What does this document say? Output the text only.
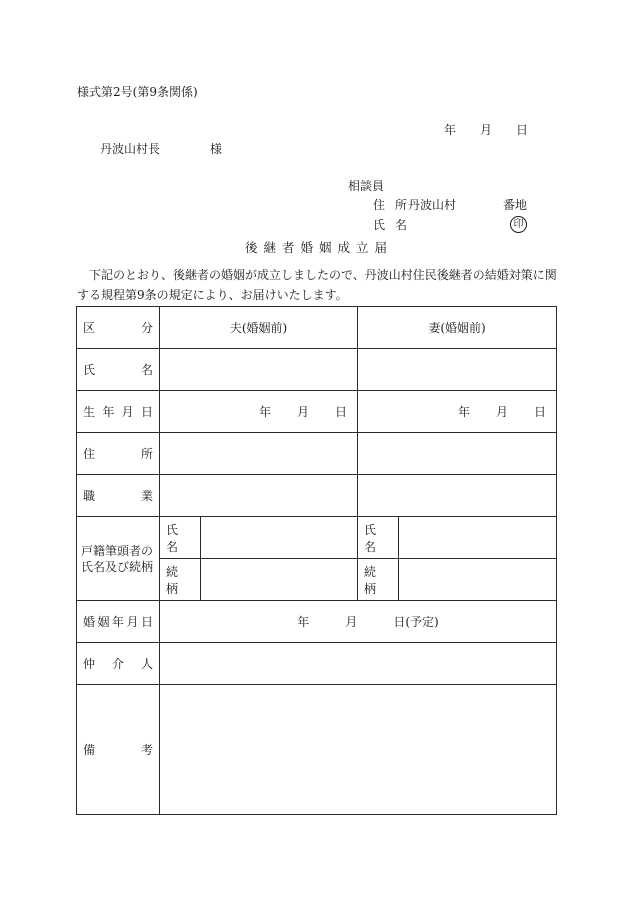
様式第2号(第9条関係)
年 月 日
丹波山村長	様
相談員
住所 丹波山村	番地
氏名	印
後継者婚姻成立届

下記のとおり、後継者の婚姻が成立しましたので、丹波山村住民後継者の結婚対策に関

する規程第9条の規定により、お届けいたします。

区 分	夫(婚姻前)		妻(婚姻前)	

氏 名				

生 年 月 日	年 月 日		年 月 日	

住 所				

職 業				

戸籍筆頭者の
氏名及び続柄	氏名		氏名	
	続柄		続柄	

婚 姻 年 月 日	年 月 日(予定)			

仲 介 人				

備 考				
